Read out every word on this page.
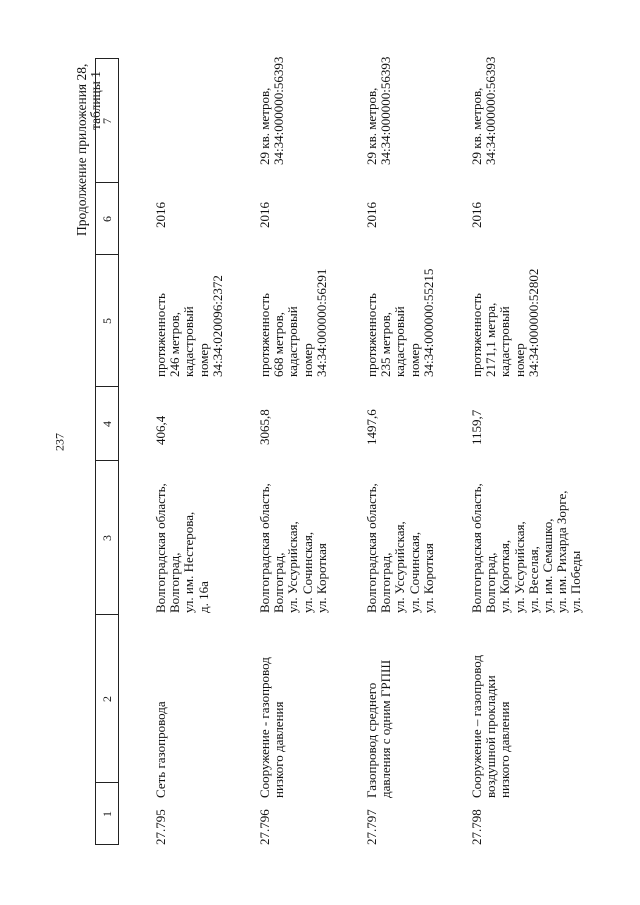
237
Продолжение приложения 28, таблицы 1
1
2
3
4
5
6
7
27.795
Сеть газопровода
Волгоградская область,
Волгоград,
ул. им. Нестерова,
д. 16а
406,4
протяженность
246 метров,
кадастровый
номер
34:34:020096:2372
2016
27.796
Сооружение - газопровод
низкого давления
Волгоградская область,
Волгоград,
ул. Уссурийская,
ул. Сочинская,
ул. Короткая
3065,8
протяженность
668 метров,
кадастровый
номер
34:34:000000:56291
2016
29 кв. метров,
34:34:000000:56393
27.797
Газопровод среднего
давления с одним ГРПШ
Волгоградская область,
Волгоград,
ул. Уссурийская,
ул. Сочинская,
ул. Короткая
1497,6
протяженность
235 метров,
кадастровый
номер
34:34:000000:55215
2016
29 кв. метров,
34:34:000000:56393
27.798
Сооружение – газопровод
воздушной прокладки
низкого давления
Волгоградская область,
Волгоград,
ул. Короткая,
ул. Уссурийская,
ул. Веселая,
ул. им. Семашко,
ул. им. Рихарда Зорге,
ул. Победы
1159,7
протяженность
2171,1 метра,
кадастровый
номер
34:34:000000:52802
2016
29 кв. метров,
34:34:000000:56393
